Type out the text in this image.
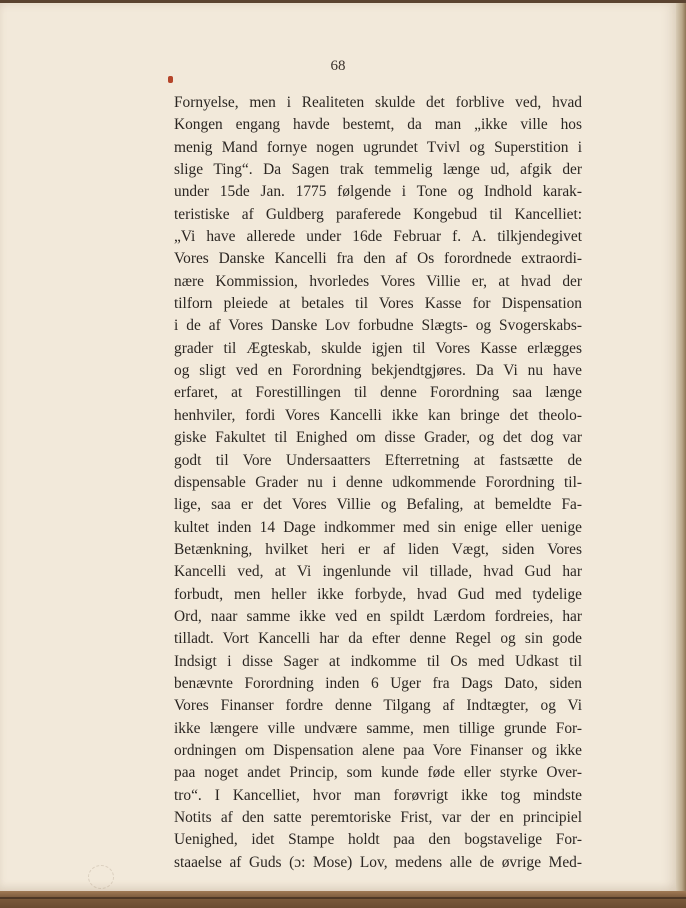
68
Fornyelse, men i Realiteten skulde det forblive ved, hvad
Kongen engang havde bestemt, da man „ikke ville hos
menig Mand fornye nogen ugrundet Tvivl og Superstition i
slige Ting“. Da Sagen trak temmelig længe ud, afgik der
under 15de Jan. 1775 følgende i Tone og Indhold karak-
teristiske af Guldberg paraferede Kongebud til Kancelliet:
„Vi have allerede under 16de Februar f. A. tilkjendegivet
Vores Danske Kancelli fra den af Os forordnede extraordi-
nære Kommission, hvorledes Vores Villie er, at hvad der
tilforn pleiede at betales til Vores Kasse for Dispensation
i de af Vores Danske Lov forbudne Slægts- og Svogerskabs-
grader til Ægteskab, skulde igjen til Vores Kasse erlægges
og sligt ved en Forordning bekjendtgjøres. Da Vi nu have
erfaret, at Forestillingen til denne Forordning saa længe
henhviler, fordi Vores Kancelli ikke kan bringe det theolo-
giske Fakultet til Enighed om disse Grader, og det dog var
godt til Vore Undersaatters Efterretning at fastsætte de
dispensable Grader nu i denne udkommende Forordning til-
lige, saa er det Vores Villie og Befaling, at bemeldte Fa-
kultet inden 14 Dage indkommer med sin enige eller uenige
Betænkning, hvilket heri er af liden Vægt, siden Vores
Kancelli ved, at Vi ingenlunde vil tillade, hvad Gud har
forbudt, men heller ikke forbyde, hvad Gud med tydelige
Ord, naar samme ikke ved en spildt Lærdom fordreies, har
tilladt. Vort Kancelli har da efter denne Regel og sin gode
Indsigt i disse Sager at indkomme til Os med Udkast til
benævnte Forordning inden 6 Uger fra Dags Dato, siden
Vores Finanser fordre denne Tilgang af Indtægter, og Vi
ikke længere ville undvære samme, men tillige grunde For-
ordningen om Dispensation alene paa Vore Finanser og ikke
paa noget andet Princip, som kunde føde eller styrke Over-
tro“. I Kancelliet, hvor man forøvrigt ikke tog mindste
Notits af den satte peremtoriske Frist, var der en principiel
Uenighed, idet Stampe holdt paa den bogstavelige For-
staaelse af Guds (ɔ: Mose) Lov, medens alle de øvrige Med-
